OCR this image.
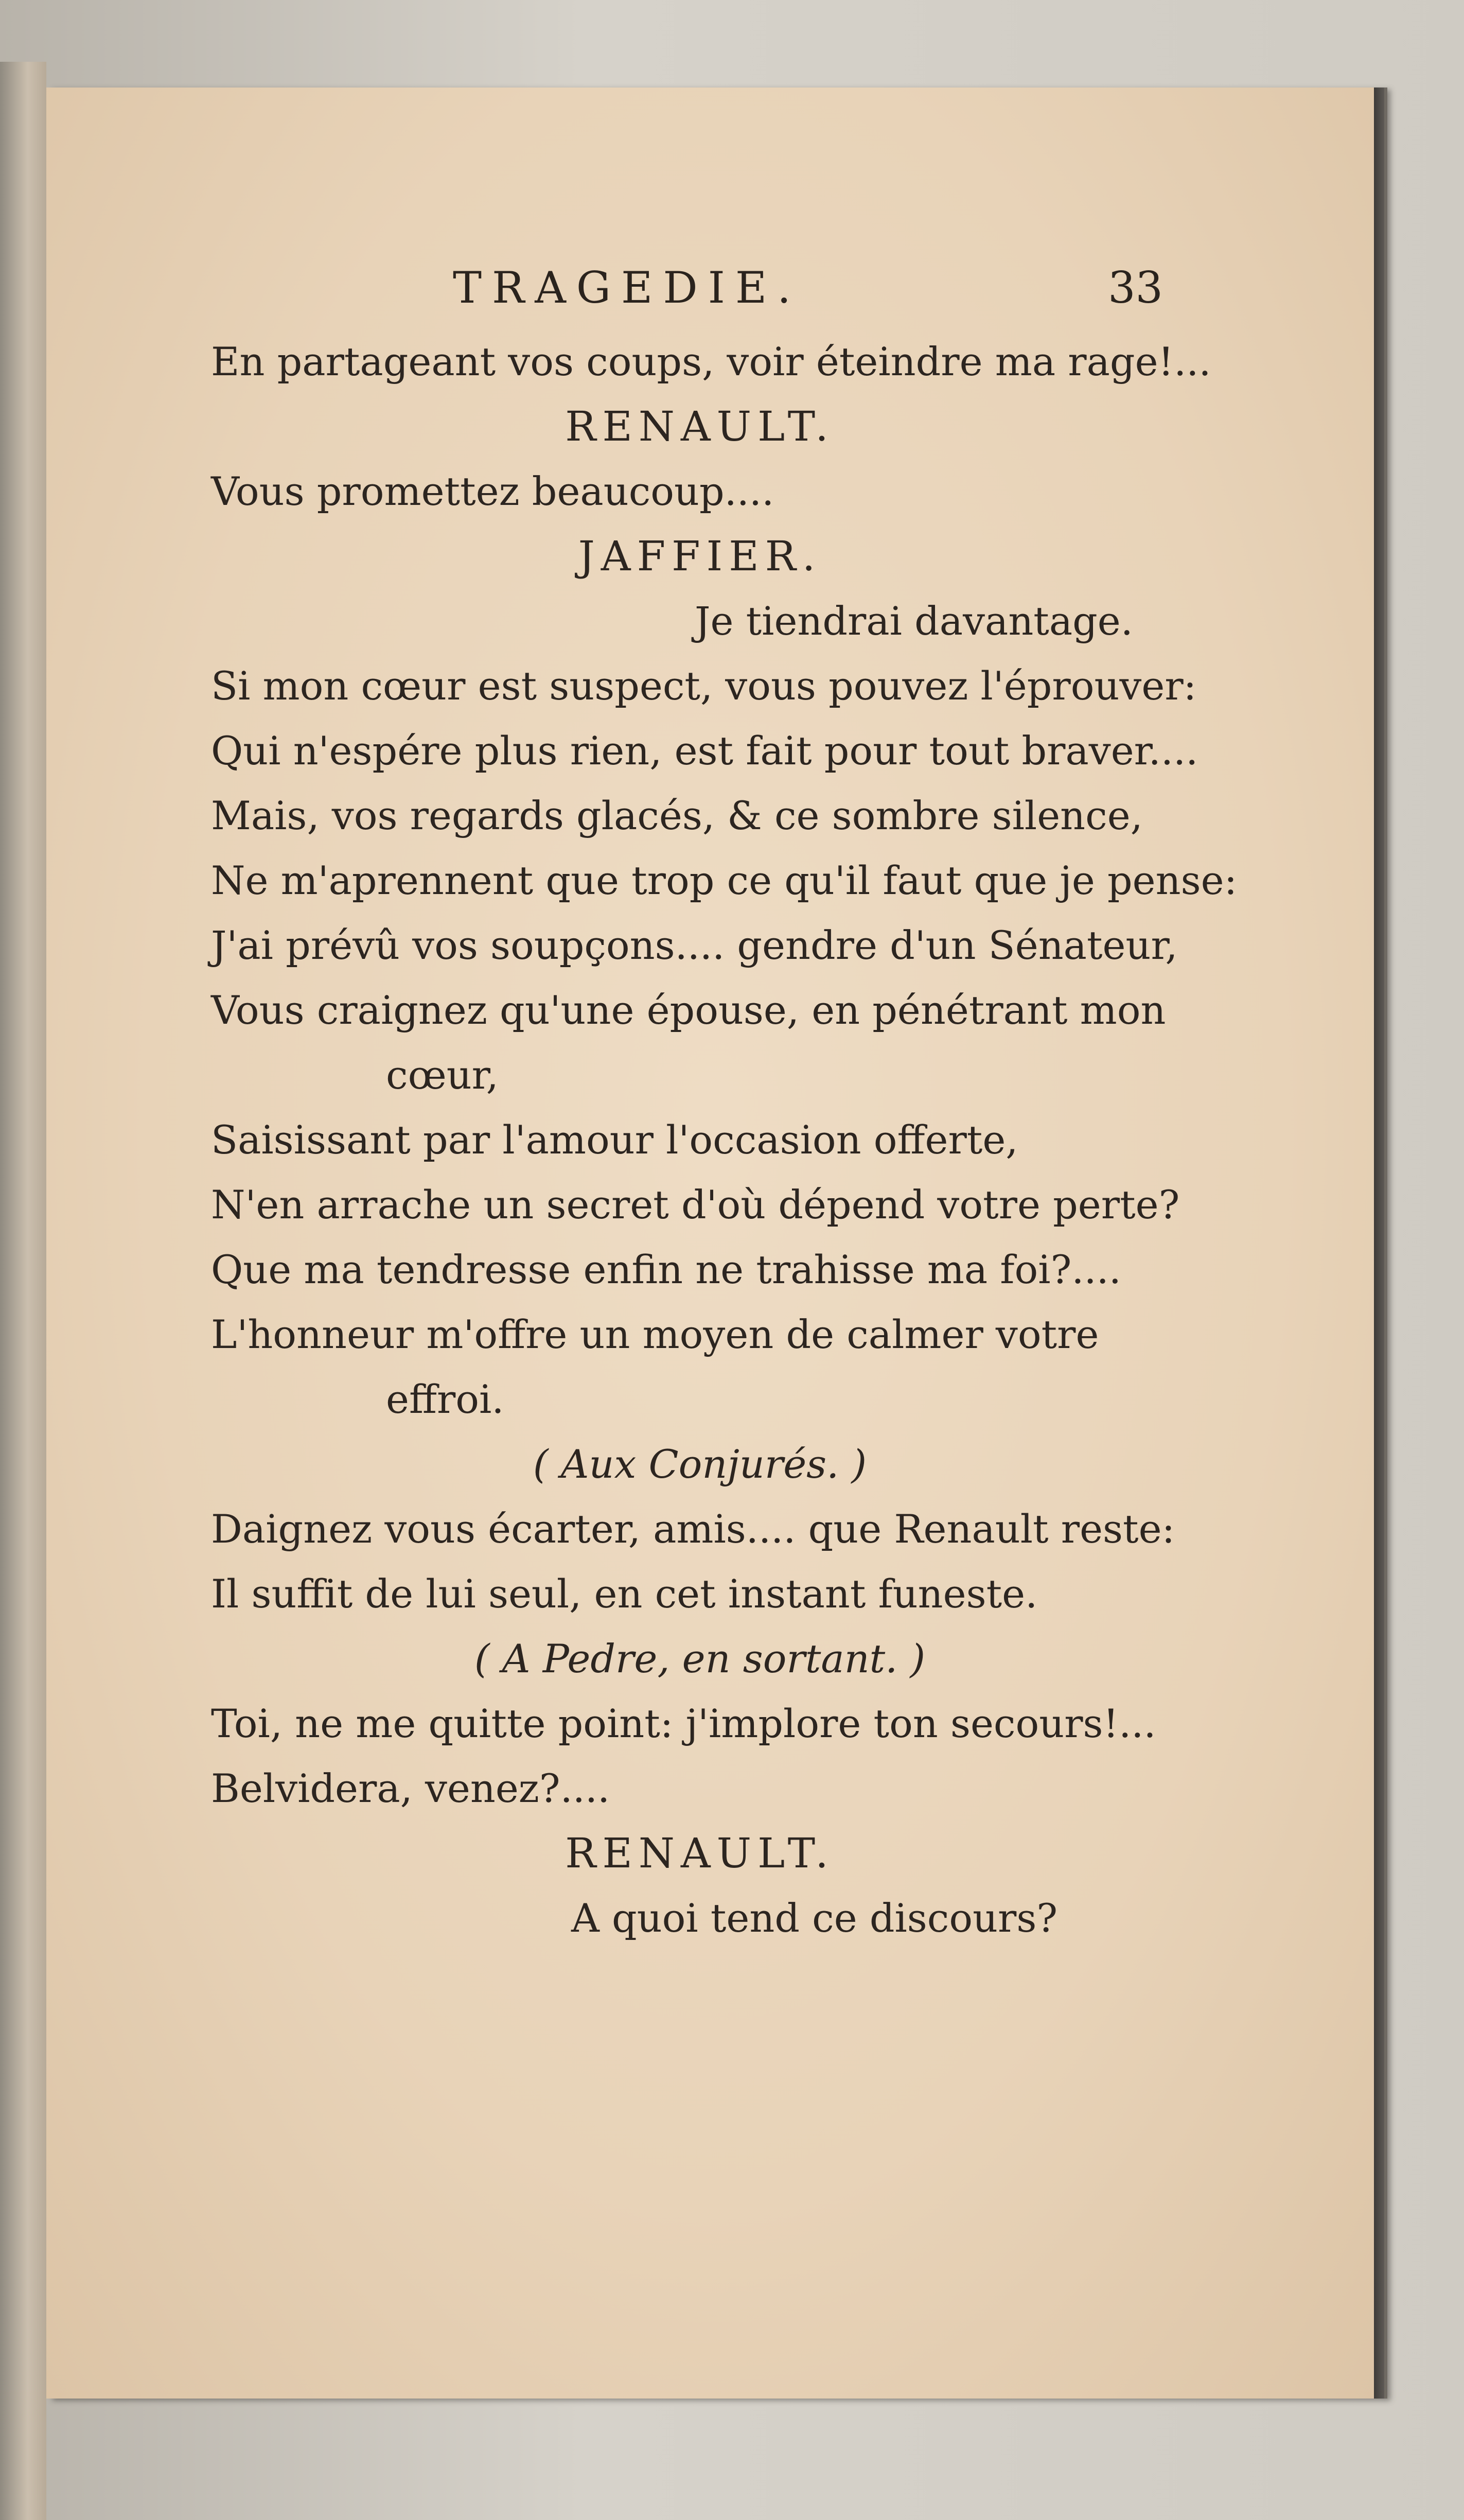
TRAGEDIE.	33
En partageant vos coups, voir éteindre ma rage!...
RENAULT.
Vous promettez beaucoup....
JAFFIER.
Je tiendrai davantage.
Si mon cœur est suspect, vous pouvez l'éprouver:
Qui n'espére plus rien, est fait pour tout braver....
Mais, vos regards glacés, & ce sombre silence,
Ne m'aprennent que trop ce qu'il faut que je pense:
J'ai prévû vos soupçons.... gendre d'un Sénateur,
Vous craignez qu'une épouse, en pénétrant mon
cœur,
Saisissant par l'amour l'occasion offerte,
N'en arrache un secret d'où dépend votre perte?
Que ma tendresse enfin ne trahisse ma foi?....
L'honneur m'offre un moyen de calmer votre
effroi.
( Aux Conjurés. )
Daignez vous écarter, amis.... que Renault reste:
Il suffit de lui seul, en cet instant funeste.
( A Pedre, en sortant. )
Toi, ne me quitte point: j'implore ton secours!...
Belvidera, venez?....
RENAULT.
A quoi tend ce discours?
